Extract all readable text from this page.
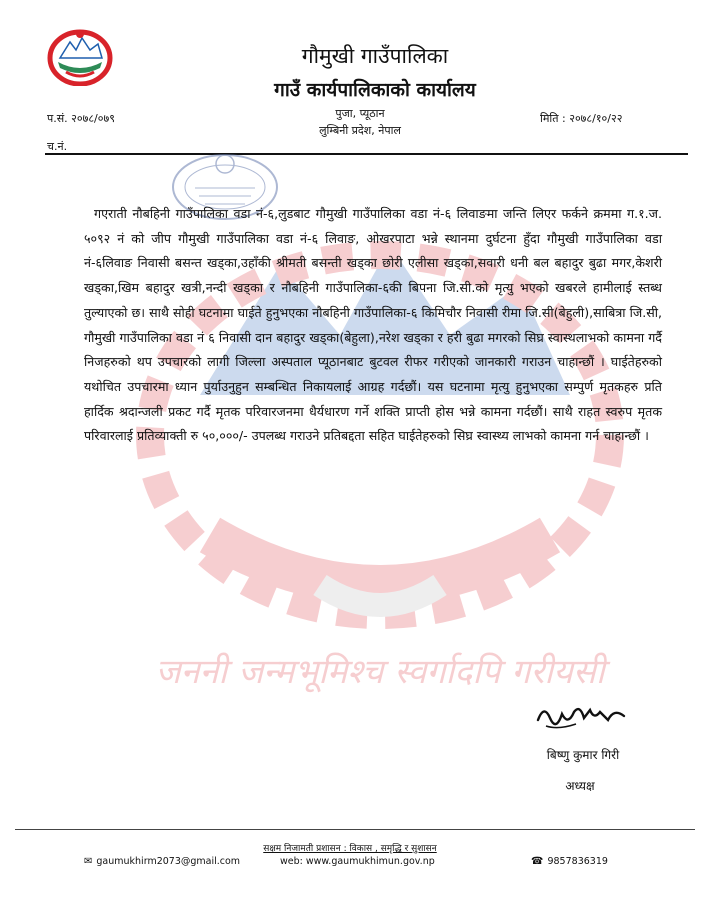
गौमुखी गाउँपालिका
गाउँ कार्यपालिकाको कार्यालय
प.सं. २०७८/०७९	पुजा, प्यूठान
लुम्बिनी प्रदेश, नेपाल
मिति : २०७८/१०/२२
च.नं.
जननी जन्मभूमिश्च स्वर्गादपि गरीयसी
गएराती नौबहिनी गाउँपालिका वडा नं-६,लुडबाट गौमुखी गाउँपालिका वडा नं-६ लिवाङमा जन्ति लिएर फर्कने क्रममा ग.१.ज. ५०९२ नं को जीप गौमुखी गाउँपालिका वडा नं-६ लिवाङ, ओखरपाटा भन्ने स्थानमा दुर्घटना हुँदा गौमुखी गाउँपालिका वडा नं-६लिवाङ निवासी बसन्त खड्का,उहाँकी श्रीमती बसन्ती खड्का छोरी एलीसा खड्का,सवारी धनी बल बहादुर बुढा मगर,केशरी खड्का,खिम बहादुर खत्री,नन्दी खड्का र नौबहिनी गाउँपालिका-६की बिपना जि.सी.को मृत्यु भएको खबरले हामीलाई स्तब्ध तुल्याएको छ। साथै सोही घटनामा घाईते हुनुभएका नौबहिनी गाउँपालिका-६ किमिचौर निवासी रीमा जि.सी(बेहुली),साबित्रा जि.सी, गौमुखी गाउँपालिका वडा नं ६ निवासी दान बहादुर खड्का(बेहुला),नरेश खड्का र हरी बुढा मगरको सिघ्र स्वास्थलाभको कामना गर्दै निजहरुको थप उपचारको लागी जिल्ला अस्पताल प्यूठानबाट बुटवल रीफर गरीएको जानकारी गराउन चाहान्छौं । घाईतेहरुको यथोचित उपचारमा ध्यान पुर्याउनुहुन सम्बन्धित निकायलाई आग्रह गर्दछौं। यस घटनामा मृत्यु हुनुभएका सम्पुर्ण मृतकहरु प्रति हार्दिक श्रदान्जली प्रकट गर्दै मृतक परिवारजनमा धैर्यधारण गर्ने शक्ति प्राप्ती होस भन्ने कामना गर्दछौं। साथै राहत स्वरुप मृतक परिवारलाई प्रतिव्याक्ती रु ५०,०००/- उपलब्ध गराउने प्रतिबद्दता सहित घाईतेहरुको सिघ्र स्वास्थ्य लाभको कामना गर्न चाहान्छौं ।
बिष्णु कुमार गिरी
अध्यक्ष
सक्षम निजामती प्रशासन : विकास , समृद्धि र सुशासन
✉ gaumukhirm2073@gmail.com	web: www.gaumukhimun.gov.np	☎ 9857836319
